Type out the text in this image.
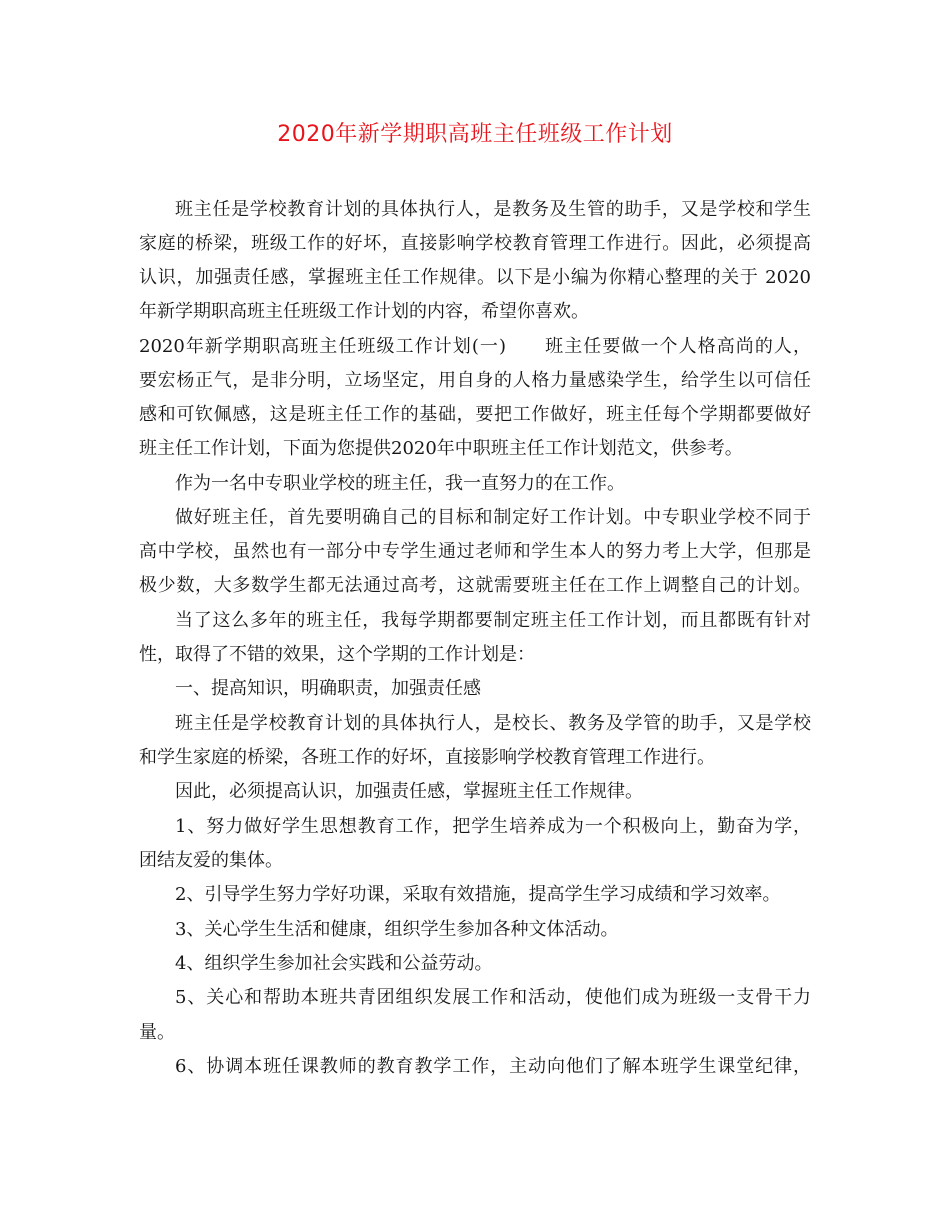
2020年新学期职高班主任班级工作计划
班主任是学校教育计划的具体执行人，是教务及生管的助手，又是学校和学生
家庭的桥梁，班级工作的好坏，直接影响学校教育管理工作进行。因此，必须提高
认识，加强责任感，掌握班主任工作规律。以下是小编为你精心整理的关于 2020
年新学期职高班主任班级工作计划的内容，希望你喜欢。
2020年新学期职高班主任班级工作计划(一)　　班主任要做一个人格高尚的人，
要宏杨正气，是非分明，立场坚定，用自身的人格力量感染学生，给学生以可信任
感和可钦佩感，这是班主任工作的基础，要把工作做好，班主任每个学期都要做好
班主任工作计划，下面为您提供2020年中职班主任工作计划范文，供参考。
作为一名中专职业学校的班主任，我一直努力的在工作。
做好班主任，首先要明确自己的目标和制定好工作计划。中专职业学校不同于
高中学校，虽然也有一部分中专学生通过老师和学生本人的努力考上大学，但那是
极少数，大多数学生都无法通过高考，这就需要班主任在工作上调整自己的计划。
当了这么多年的班主任，我每学期都要制定班主任工作计划，而且都既有针对
性，取得了不错的效果，这个学期的工作计划是：
一、提高知识，明确职责，加强责任感
班主任是学校教育计划的具体执行人，是校长、教务及学管的助手，又是学校
和学生家庭的桥梁，各班工作的好坏，直接影响学校教育管理工作进行。
因此，必须提高认识，加强责任感，掌握班主任工作规律。
1、努力做好学生思想教育工作，把学生培养成为一个积极向上，勤奋为学，
团结友爱的集体。
2、引导学生努力学好功课，采取有效措施，提高学生学习成绩和学习效率。
3、关心学生生活和健康，组织学生参加各种文体活动。
4、组织学生参加社会实践和公益劳动。
5、关心和帮助本班共青团组织发展工作和活动，使他们成为班级一支骨干力
量。
6、协调本班任课教师的教育教学工作，主动向他们了解本班学生课堂纪律，
